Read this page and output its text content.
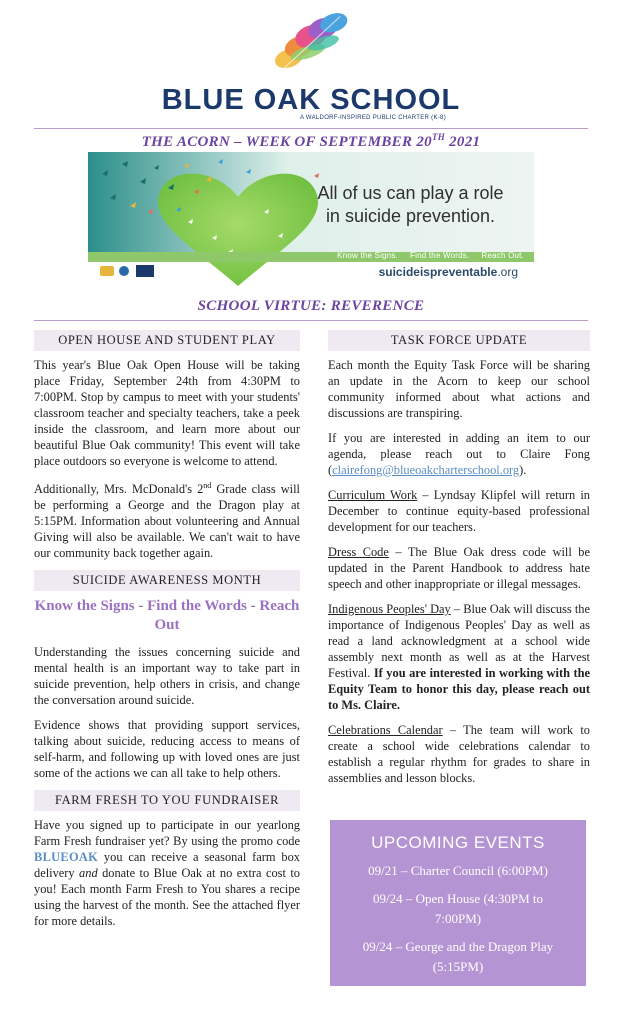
BLUE OAK SCHOOL
A WALDORF-INSPIRED PUBLIC CHARTER (K-8)
THE ACORN – WEEK OF SEPTEMBER 20TH 2021
All of us can play a role
in suicide prevention.
Know the Signs.     Find the Words.     Reach Out.
suicideispreventable.org
SCHOOL VIRTUE: REVERENCE
OPEN HOUSE AND STUDENT PLAY

This year's Blue Oak Open House will be taking place Friday, September 24th from 4:30PM to 7:00PM. Stop by campus to meet with your students' classroom teacher and specialty teachers, take a peek inside the classroom, and learn more about our beautiful Blue Oak community! This event will take place outdoors so everyone is welcome to attend.

Additionally, Mrs. McDonald's 2nd Grade class will be performing a George and the Dragon play at 5:15PM. Information about volunteering and Annual Giving will also be available. We can't wait to have our community back together again.

SUICIDE AWARENESS MONTH
Know the Signs - Find the Words - Reach Out

Understanding the issues concerning suicide and mental health is an important way to take part in suicide prevention, help others in crisis, and change the conversation around suicide.

Evidence shows that providing support services, talking about suicide, reducing access to means of self-harm, and following up with loved ones are just some of the actions we can all take to help others.

FARM FRESH TO YOU FUNDRAISER

Have you signed up to participate in our yearlong Farm Fresh fundraiser yet? By using the promo code BLUEOAK you can receive a seasonal farm box delivery and donate to Blue Oak at no extra cost to you! Each month Farm Fresh to You shares a recipe using the harvest of the month. See the attached flyer for more details.

TASK FORCE UPDATE

Each month the Equity Task Force will be sharing an update in the Acorn to keep our school community informed about what actions and discussions are transpiring.

If you are interested in adding an item to our agenda, please reach out to Claire Fong (clairefong@blueoakcharterschool.org).

Curriculum Work – Lyndsay Klipfel will return in December to continue equity-based professional development for our teachers.

Dress Code – The Blue Oak dress code will be updated in the Parent Handbook to address hate speech and other inappropriate or illegal messages.

Indigenous Peoples' Day – Blue Oak will discuss the importance of Indigenous Peoples' Day as well as read a land acknowledgment at a school wide assembly next month as well as at the Harvest Festival. If you are interested in working with the Equity Team to honor this day, please reach out to Ms. Claire.

Celebrations Calendar – The team will work to create a school wide celebrations calendar to establish a regular rhythm for grades to share in assemblies and lesson blocks.

UPCOMING EVENTS
09/21 – Charter Council (6:00PM)
09/24 – Open House (4:30PM to 7:00PM)
09/24 – George and the Dragon Play (5:15PM)
